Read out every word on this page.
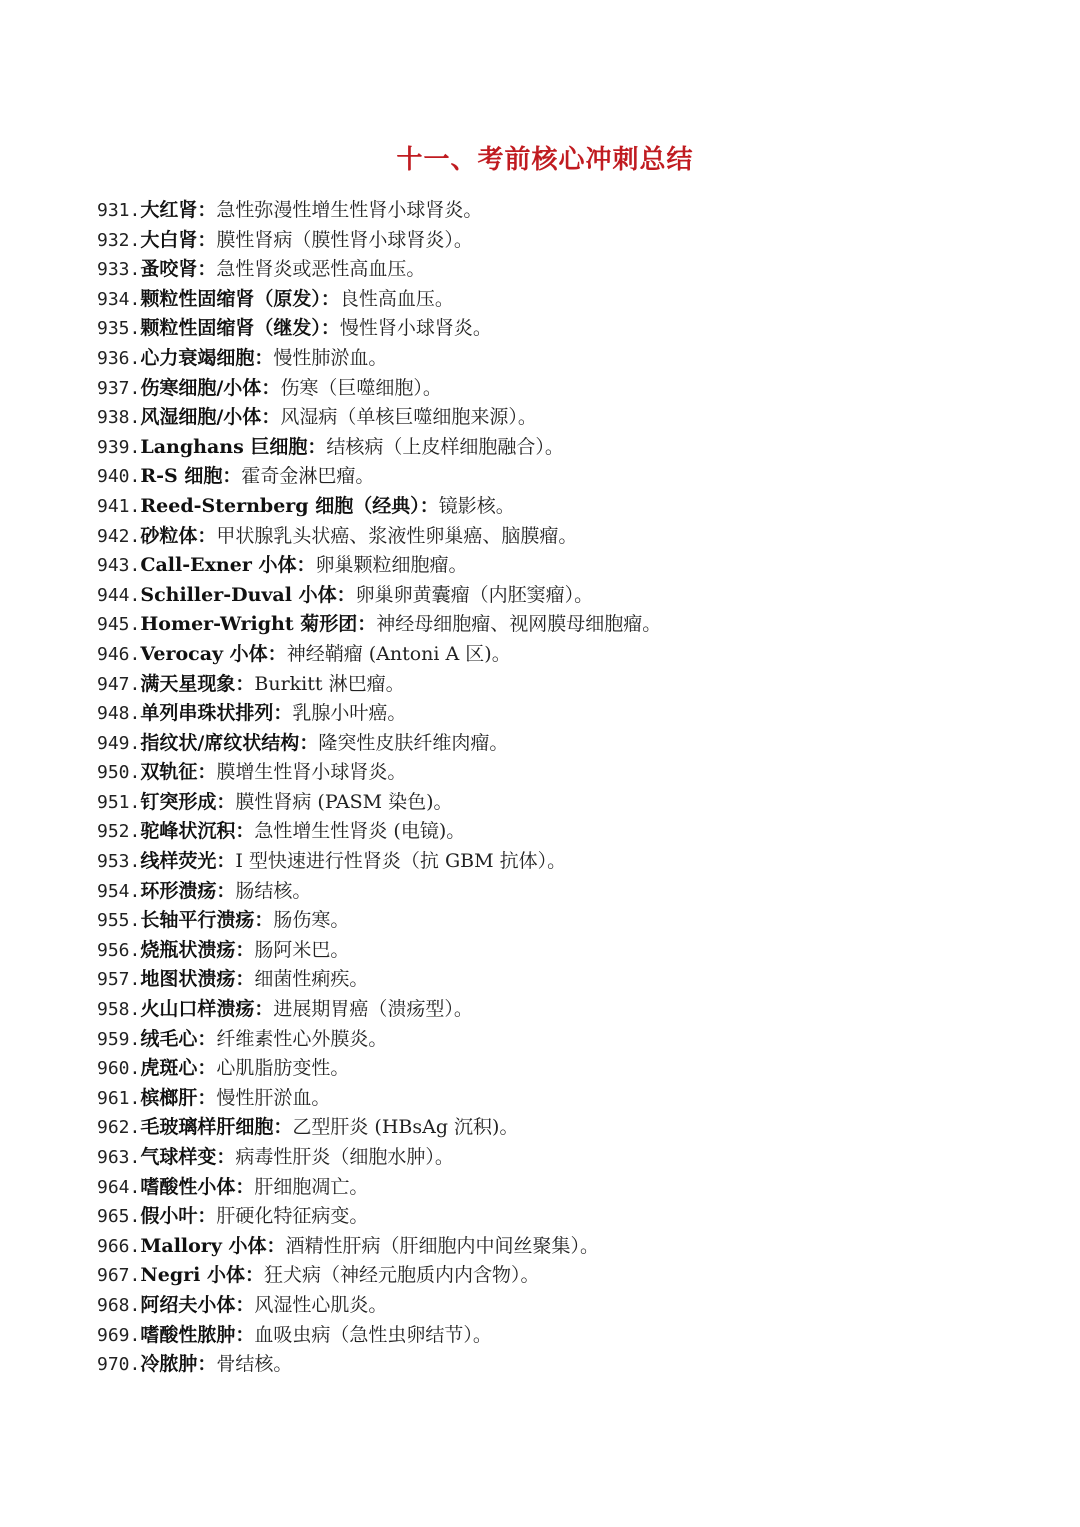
十一、考前核心冲刺总结
931.大红肾：急性弥漫性增生性肾小球肾炎。
932.大白肾：膜性肾病（膜性肾小球肾炎）。
933.蚤咬肾：急性肾炎或恶性高血压。
934.颗粒性固缩肾（原发）：良性高血压。
935.颗粒性固缩肾（继发）：慢性肾小球肾炎。
936.心力衰竭细胞：慢性肺淤血。
937.伤寒细胞/小体：伤寒（巨噬细胞）。
938.风湿细胞/小体：风湿病（单核巨噬细胞来源）。
939.Langhans 巨细胞：结核病（上皮样细胞融合）。
940.R-S 细胞：霍奇金淋巴瘤。
941.Reed-Sternberg 细胞（经典）：镜影核。
942.砂粒体：甲状腺乳头状癌、浆液性卵巢癌、脑膜瘤。
943.Call-Exner 小体：卵巢颗粒细胞瘤。
944.Schiller-Duval 小体：卵巢卵黄囊瘤（内胚窦瘤）。
945.Homer-Wright 菊形团：神经母细胞瘤、视网膜母细胞瘤。
946.Verocay 小体：神经鞘瘤 (Antoni A 区)。
947.满天星现象：Burkitt 淋巴瘤。
948.单列串珠状排列：乳腺小叶癌。
949.指纹状/席纹状结构：隆突性皮肤纤维肉瘤。
950.双轨征：膜增生性肾小球肾炎。
951.钉突形成：膜性肾病 (PASM 染色)。
952.驼峰状沉积：急性增生性肾炎 (电镜)。
953.线样荧光：I 型快速进行性肾炎（抗 GBM 抗体）。
954.环形溃疡：肠结核。
955.长轴平行溃疡：肠伤寒。
956.烧瓶状溃疡：肠阿米巴。
957.地图状溃疡：细菌性痢疾。
958.火山口样溃疡：进展期胃癌（溃疡型）。
959.绒毛心：纤维素性心外膜炎。
960.虎斑心：心肌脂肪变性。
961.槟榔肝：慢性肝淤血。
962.毛玻璃样肝细胞：乙型肝炎 (HBsAg 沉积)。
963.气球样变：病毒性肝炎（细胞水肿）。
964.嗜酸性小体：肝细胞凋亡。
965.假小叶：肝硬化特征病变。
966.Mallory 小体：酒精性肝病（肝细胞内中间丝聚集）。
967.Negri 小体：狂犬病（神经元胞质内内含物）。
968.阿绍夫小体：风湿性心肌炎。
969.嗜酸性脓肿：血吸虫病（急性虫卵结节）。
970.冷脓肿：骨结核。
